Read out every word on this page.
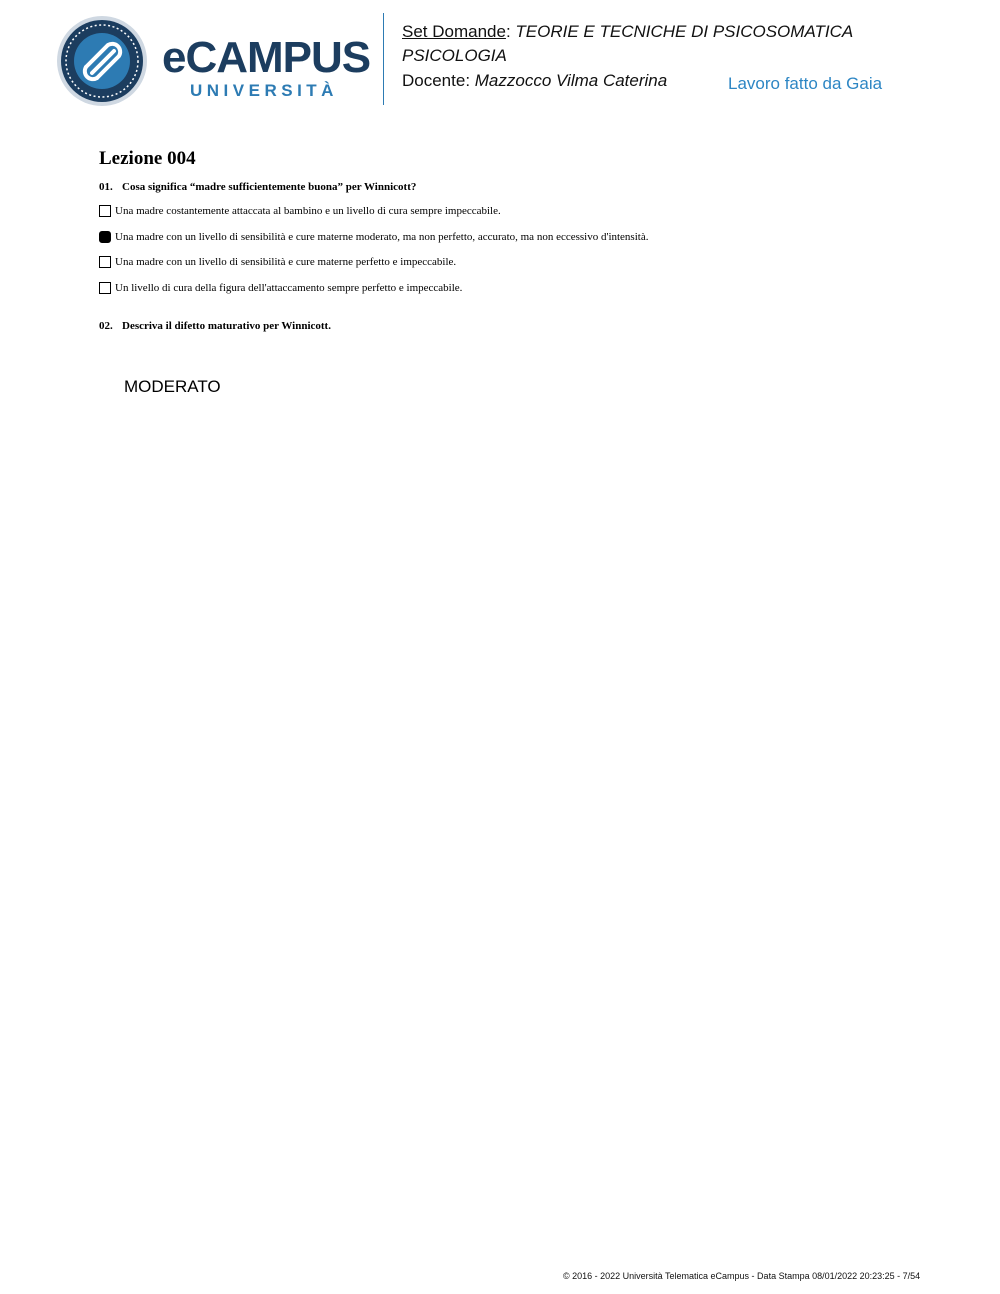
eCAMPUS
UNIVERSITÀ
Set Domande: TEORIE E TECNICHE DI PSICOSOMATICA
PSICOLOGIA
Docente: Mazzocco Vilma Caterina	Lavoro fatto da Gaia
Lezione 004
01. Cosa significa “madre sufficientemente buona” per Winnicott?
Una madre costantemente attaccata al bambino e un livello di cura sempre impeccabile.
Una madre con un livello di sensibilità e cure materne moderato, ma non perfetto, accurato, ma non eccessivo d'intensità.
Una madre con un livello di sensibilità e cure materne perfetto e impeccabile.
Un livello di cura della figura dell'attaccamento sempre perfetto e impeccabile.
02. Descriva il difetto maturativo per Winnicott.
MODERATO
© 2016 - 2022 Università Telematica eCampus - Data Stampa 08/01/2022 20:23:25 - 7/54
